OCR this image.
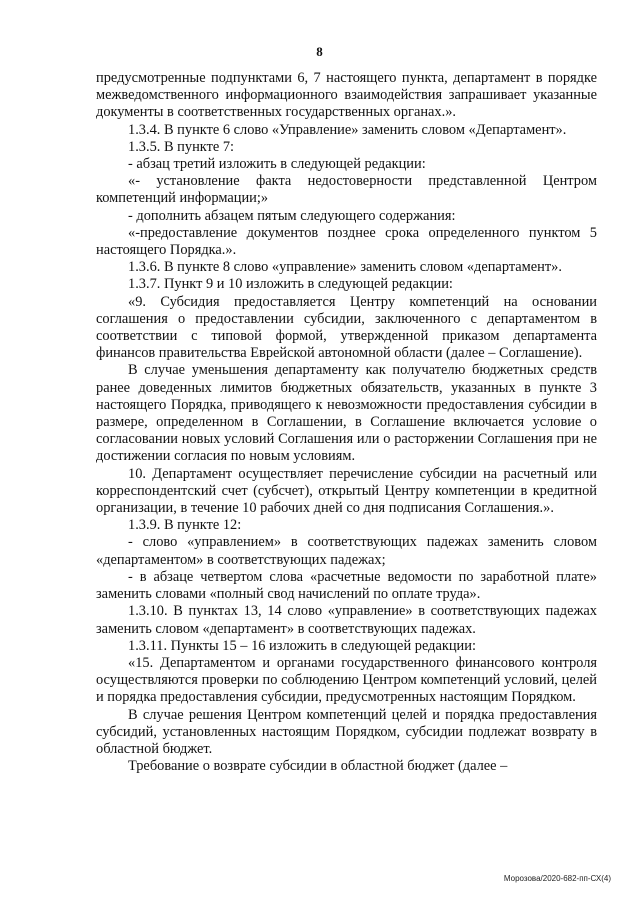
8

предусмотренные подпунктами 6, 7 настоящего пункта, департамент в порядке межведомственного информационного взаимодействия запрашивает указанные документы в соответственных государственных органах.».

1.3.4. В пункте 6 слово «Управление» заменить словом «Департамент».

1.3.5. В пункте 7:

- абзац третий изложить в следующей редакции:

«- установление факта недостоверности представленной Центром компетенций информации;»

- дополнить абзацем пятым следующего содержания:

«-предоставление документов позднее срока определенного пунктом 5 настоящего Порядка.».

1.3.6. В пункте 8 слово «управление» заменить словом «департамент».

1.3.7. Пункт 9 и 10 изложить в следующей редакции:

«9. Субсидия предоставляется Центру компетенций на основании соглашения о предоставлении субсидии, заключенного с департаментом в соответствии с типовой формой, утвержденной приказом департамента финансов правительства Еврейской автономной области (далее – Соглашение).

В случае уменьшения департаменту как получателю бюджетных средств ранее доведенных лимитов бюджетных обязательств, указанных в пункте 3 настоящего Порядка, приводящего к невозможности предоставления субсидии в размере, определенном в Соглашении, в Соглашение включается условие о согласовании новых условий Соглашения или о расторжении Соглашения при не достижении согласия по новым условиям.

10. Департамент осуществляет перечисление субсидии на расчетный или корреспондентский счет (субсчет), открытый Центру компетенции в кредитной организации, в течение 10 рабочих дней со дня подписания Соглашения.».

1.3.9. В пункте 12:

- слово «управлением» в соответствующих падежах заменить словом «департаментом» в соответствующих падежах;

- в абзаце четвертом слова «расчетные ведомости по заработной плате» заменить словами «полный свод начислений по оплате труда».

1.3.10. В пунктах 13, 14 слово «управление» в соответствующих падежах заменить словом «департамент» в соответствующих падежах.

1.3.11. Пункты 15 – 16 изложить в следующей редакции:

«15. Департаментом и органами государственного финансового контроля осуществляются проверки по соблюдению Центром компетенций условий, целей и порядка предоставления субсидии, предусмотренных настоящим Порядком.

В случае решения Центром компетенций целей и порядка предоставления субсидий, установленных настоящим Порядком, субсидии подлежат возврату в областной бюджет.

Требование о возврате субсидии в областной бюджет (далее –

Морозова/2020-682-пп-СХ(4)
